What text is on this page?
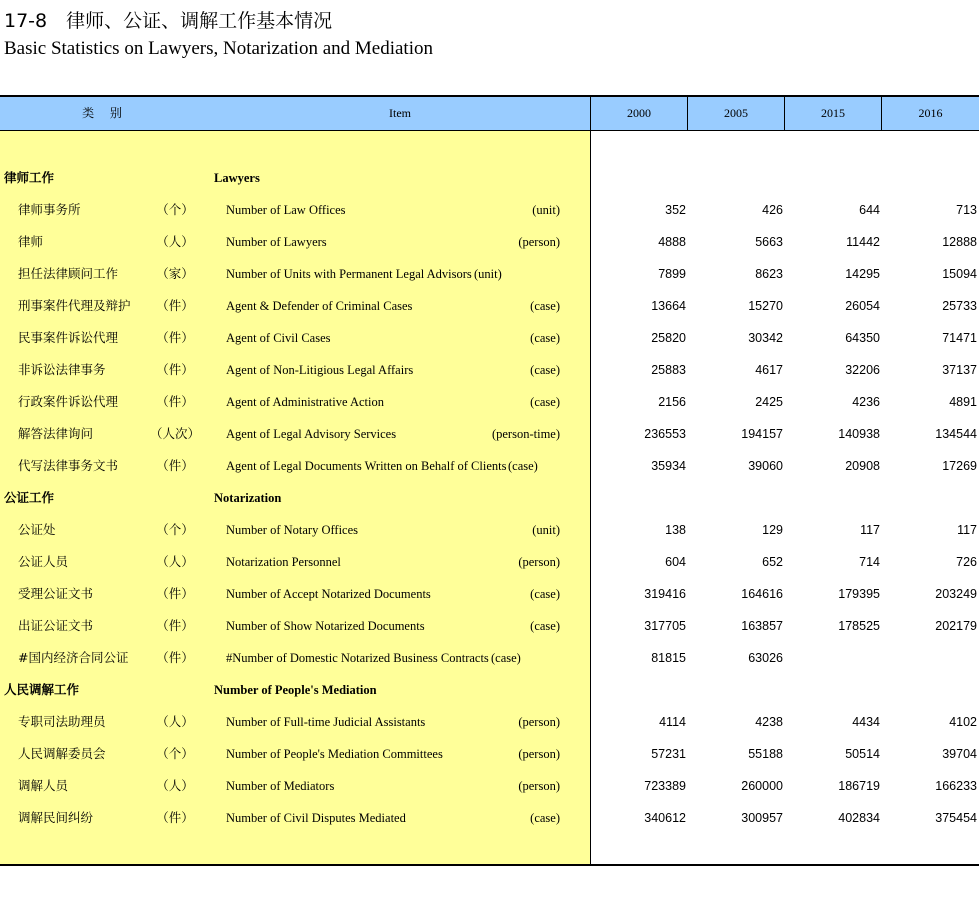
17-8　律师、公证、调解工作基本情况
Basic Statistics on Lawyers, Notarization and Mediation
类 别	Item	2000	2005	2015	2016
律师工作	Lawyers
律师事务所	（个）	Number of Law Offices	(unit)	352	426	644	713
律师	（人）	Number of Lawyers	(person)	4888	5663	11442	12888
担任法律顾问工作	（家）	Number of Units with Permanent Legal Advisors (unit)	7899	8623	14295	15094
刑事案件代理及辩护	（件）	Agent & Defender of Criminal Cases	(case)	13664	15270	26054	25733
民事案件诉讼代理	（件）	Agent of Civil Cases	(case)	25820	30342	64350	71471
非诉讼法律事务	（件）	Agent of Non-Litigious Legal Affairs	(case)	25883	4617	32206	37137
行政案件诉讼代理	（件）	Agent of Administrative Action	(case)	2156	2425	4236	4891
解答法律询问	（人次） Agent of Legal Advisory Services	(person-time)	236553	194157	140938	134544
代写法律事务文书	（件）	Agent of Legal Documents Written on Behalf of Clients (case)	35934	39060	20908	17269
公证工作	Notarization
公证处	（个）	Number of Notary Offices	(unit)	138	129	117	117
公证人员	（人）	Notarization Personnel	(person)	604	652	714	726
受理公证文书	（件）	Number of Accept Notarized Documents	(case)	319416	164616	179395	203249
出证公证文书	（件）	Number of Show Notarized Documents	(case)	317705	163857	178525	202179
#国内经济合同公证	（件）	#Number of Domestic Notarized Business Contracts (case)	81815	63026
人民调解工作	Number of People's Mediation
专职司法助理员	（人）	Number of Full-time Judicial Assistants	(person)	4114	4238	4434	4102
人民调解委员会	（个）	Number of People's Mediation Committees	(person)	57231	55188	50514	39704
调解人员	（人）	Number of Mediators	(person)	723389	260000	186719	166233
调解民间纠纷	（件）	Number of Civil Disputes Mediated	(case)	340612	300957	402834	375454
